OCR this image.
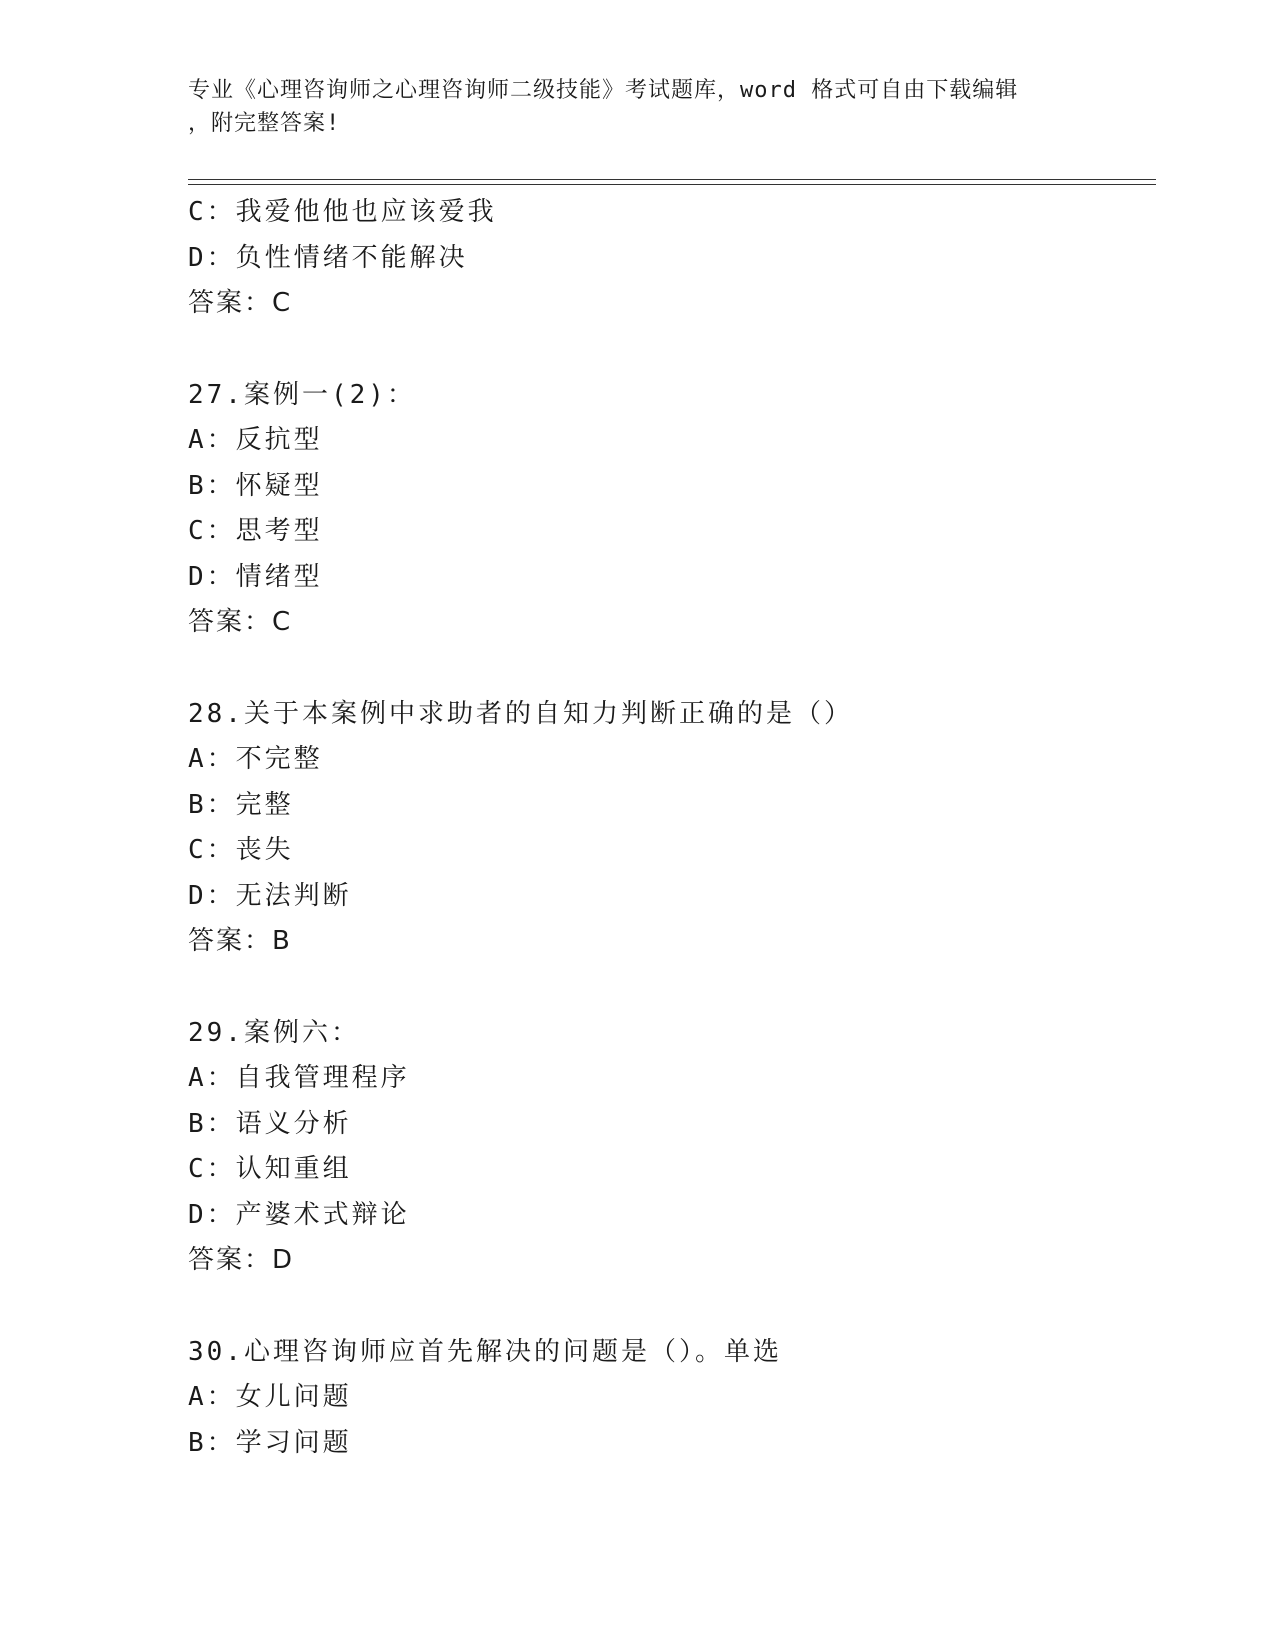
专业《心理咨询师之心理咨询师二级技能》考试题库，word 格式可自由下载编辑
，附完整答案!
C：我爱他他也应该爱我
D：负性情绪不能解决
答案：C
27.案例一(2)：
A：反抗型
B：怀疑型
C：思考型
D：情绪型
答案：C
28.关于本案例中求助者的自知力判断正确的是（）
A：不完整
B：完整
C：丧失
D：无法判断
答案：B
29.案例六：
A：自我管理程序
B：语义分析
C：认知重组
D：产婆术式辩论
答案：D
30.心理咨询师应首先解决的问题是（）。单选
A：女儿问题
B：学习问题
